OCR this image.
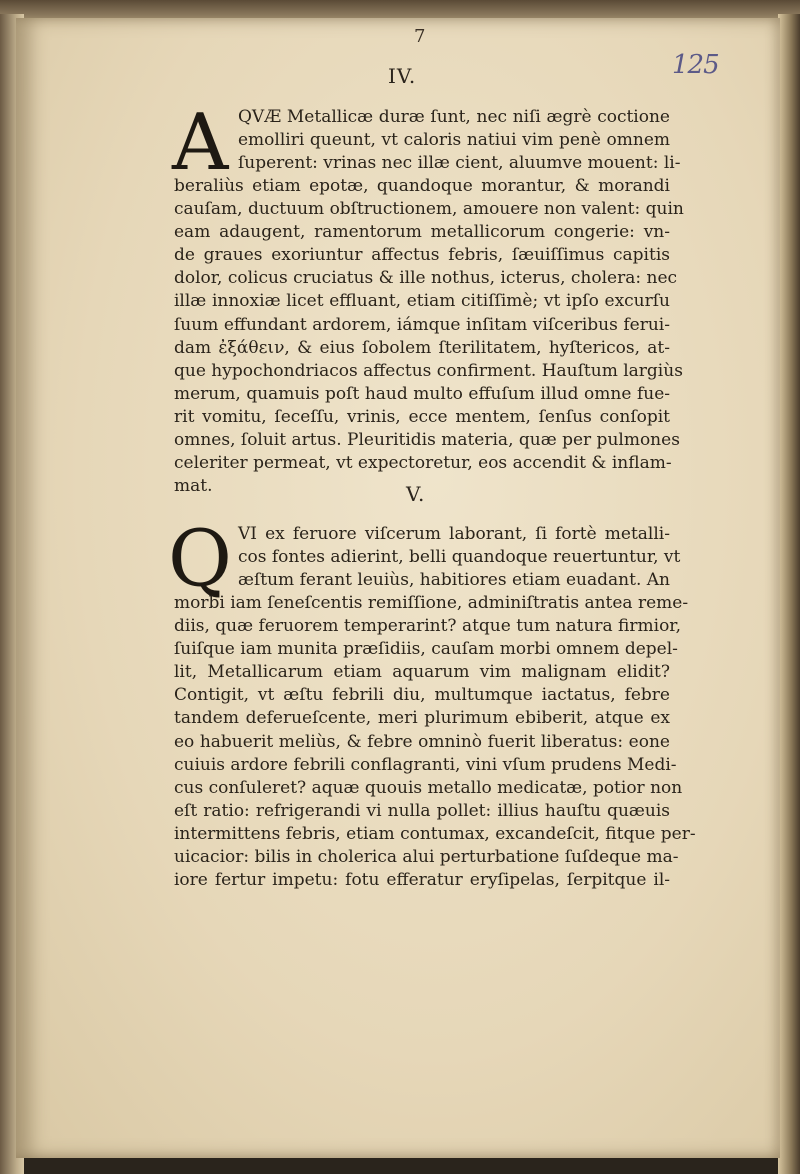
7
125
IV.
A QVÆ Metallicæ duræ ſunt, nec niſi ægrè coctione
emolliri queunt, vt caloris natiui vim penè omnem
ſuperent: vrinas nec illæ cient, aluumve mouent: li-
beraliùs etiam epotæ, quandoque morantur, & morandi
cauſam, ductuum obſtructionem, amouere non valent: quin
eam adaugent, ramentorum metallicorum congerie: vn-
de graues exoriuntur affectus febris, ſæuiſſimus capitis
dolor, colicus cruciatus & ille nothus, icterus, cholera: nec
illæ innoxiæ licet effluant, etiam citiſſimè; vt ipſo excurſu
ſuum effundant ardorem, iámque inſitam viſceribus ferui-
dam ἐξάθειν, & eius ſobolem ſterilitatem, hyſtericos, at-
que hypochondriacos affectus confirment. Hauſtum largiùs
merum, quamuis poſt haud multo effuſum illud omne fue-
rit vomitu, ſeceſſu, vrinis, ecce mentem, ſenſus conſopit
omnes, ſoluit artus. Pleuritidis materia, quæ per pulmones
celeriter permeat, vt expectoretur, eos accendit & inflam-
mat.	V.
Q VI ex feruore viſcerum laborant, ſi fortè metalli-
cos fontes adierint, belli quandoque reuertuntur, vt
æſtum ferant leuiùs, habitiores etiam euadant. An
morbi iam ſeneſcentis remiſſione, adminiſtratis antea reme-
diis, quæ feruorem temperarint? atque tum natura firmior,
ſuiſque iam munita præſidiis, cauſam morbi omnem depel-
lit, Metallicarum etiam aquarum vim malignam elidit?
Contigit, vt æſtu febrili diu, multumque iactatus, febre
tandem deferueſcente, meri plurimum ebiberit, atque ex
eo habuerit meliùs, & febre omninò fuerit liberatus: eone
cuiuis ardore febrili conflagranti, vini vſum prudens Medi-
cus conſuleret? aquæ quouis metallo medicatæ, potior non
eſt ratio: refrigerandi vi nulla pollet: illius hauſtu quæuis
intermittens febris, etiam contumax, excandeſcit, fitque per-
uicacior: bilis in cholerica alui perturbatione ſuſdeque ma-
iore fertur impetu: fotu efferatur eryſipelas, ſerpitque il-
